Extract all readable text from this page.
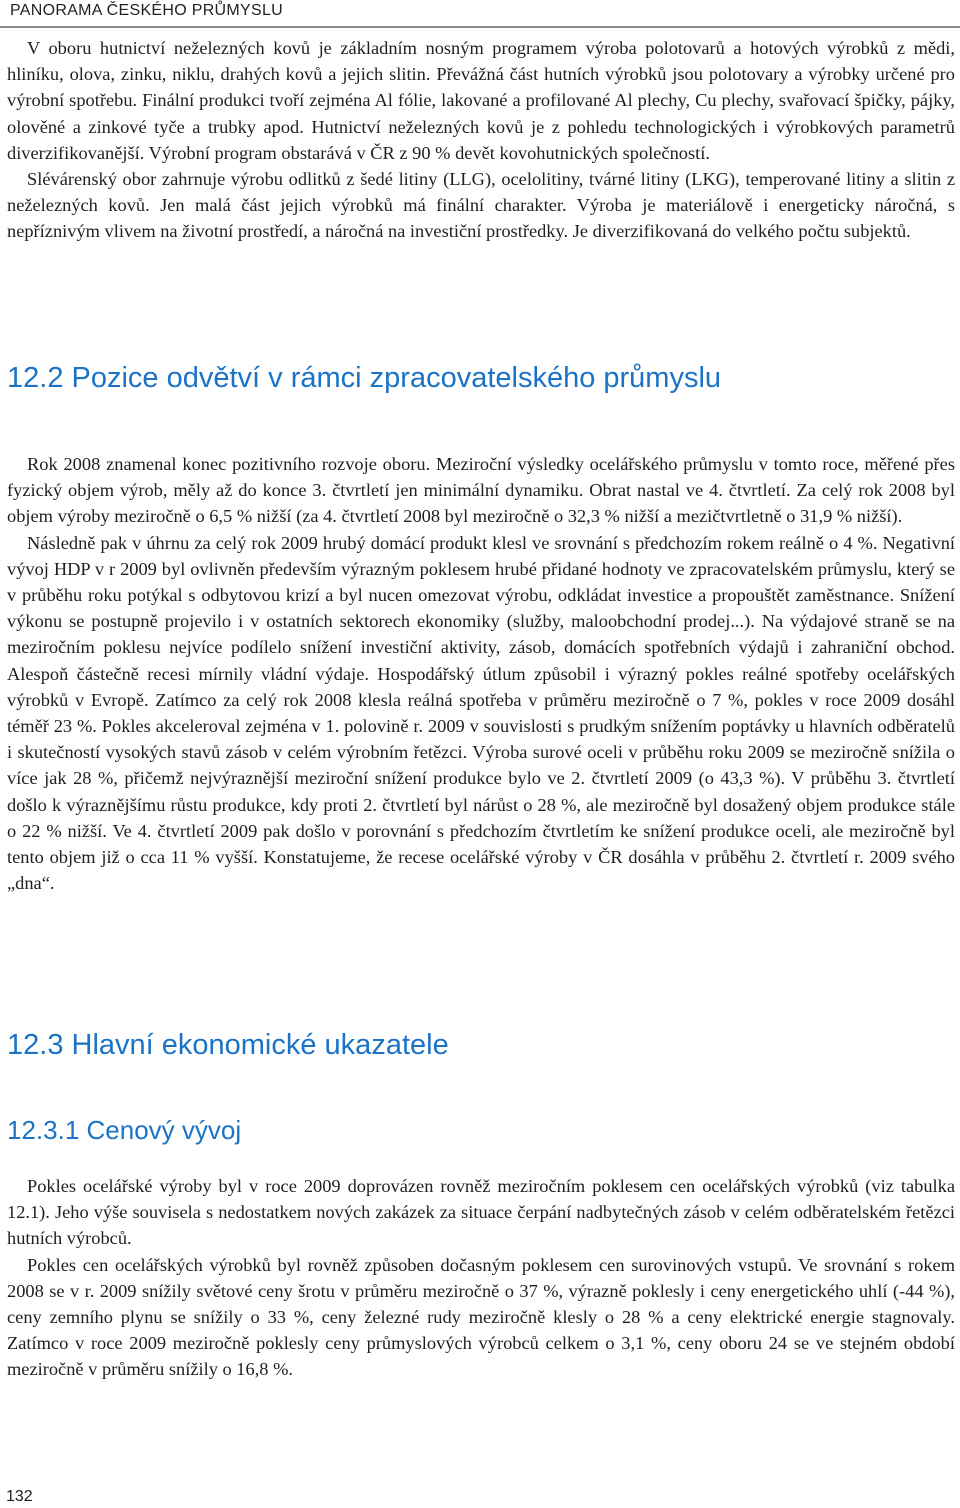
PANORAMA ČESKÉHO PRŮMYSLU

V oboru hutnictví neželezných kovů je základním nosným programem výroba polotovarů a hotových výrobků z mědi, hliníku, olova, zinku, niklu, drahých kovů a jejich slitin. Převážná část hutních výrobků jsou polotovary a výrobky určené pro výrobní spotřebu. Finální produkci tvoří zejména Al fólie, lakované a profilované Al plechy, Cu plechy, svařovací špičky, pájky, olověné a zinkové tyče a trubky apod. Hutnictví neželezných kovů je z pohledu technologických i výrobkových parametrů diverzifikovanější. Výrobní program obstarává v ČR z 90 % devět kovohutnických společností.

Slévárenský obor zahrnuje výrobu odlitků z šedé litiny (LLG), ocelolitiny, tvárné litiny (LKG), temperované litiny a slitin z neželezných kovů. Jen malá část jejich výrobků má finální charakter. Výroba je materiálově i energeticky náročná, s nepříznivým vlivem na životní prostředí, a náročná na investiční prostředky. Je diverzifikovaná do velkého počtu subjektů.

12.2 Pozice odvětví v rámci zpracovatelského průmyslu

Rok 2008 znamenal konec pozitivního rozvoje oboru. Meziroční výsledky ocelářského průmyslu v tomto roce, měřené přes fyzický objem výrob, měly až do konce 3. čtvrtletí jen minimální dynamiku. Obrat nastal ve 4. čtvrtletí. Za celý rok 2008 byl objem výroby meziročně o 6,5 % nižší (za 4. čtvrtletí 2008 byl meziročně o 32,3 % nižší a mezičtvrtletně o 31,9 % nižší).

Následně pak v úhrnu za celý rok 2009 hrubý domácí produkt klesl ve srovnání s předchozím rokem reálně o 4 %. Negativní vývoj HDP v r 2009 byl ovlivněn především výrazným poklesem hrubé přidané hodnoty ve zpracovatelském průmyslu, který se v průběhu roku potýkal s odbytovou krizí a byl nucen omezovat výrobu, odkládat investice a propouštět zaměstnance. Snížení výkonu se postupně projevilo i v ostatních sektorech ekonomiky (služby, maloobchodní prodej...). Na výdajové straně se na meziročním poklesu nejvíce podílelo snížení investiční aktivity, zásob, domácích spotřebních výdajů i zahraniční obchod. Alespoň částečně recesi mírnily vládní výdaje. Hospodářský útlum způsobil i výrazný pokles reálné spotřeby ocelářských výrobků v Evropě. Zatímco za celý rok 2008 klesla reálná spotřeba v průměru meziročně o 7 %, pokles v roce 2009 dosáhl téměř 23 %. Pokles akceleroval zejména v 1. polovině r. 2009 v souvislosti s prudkým snížením poptávky u hlavních odběratelů i skutečností vysokých stavů zásob v celém výrobním řetězci. Výroba surové oceli v průběhu roku 2009 se meziročně snížila o více jak 28 %, přičemž nejvýraznější meziroční snížení produkce bylo ve 2. čtvrtletí 2009 (o 43,3 %). V průběhu 3. čtvrtletí došlo k výraznějšímu růstu produkce, kdy proti 2. čtvrtletí byl nárůst o 28 %, ale meziročně byl dosažený objem produkce stále o 22 % nižší. Ve 4. čtvrtletí 2009 pak došlo v porovnání s předchozím čtvrtletím ke snížení produkce oceli, ale meziročně byl tento objem již o cca 11 % vyšší. Konstatujeme, že recese ocelářské výroby v ČR dosáhla v průběhu 2. čtvrtletí r. 2009 svého „dna“.

12.3 Hlavní ekonomické ukazatele
12.3.1 Cenový vývoj

Pokles ocelářské výroby byl v roce 2009 doprovázen rovněž meziročním poklesem cen ocelářských výrobků (viz tabulka 12.1). Jeho výše souvisela s nedostatkem nových zakázek za situace čerpání nadbytečných zásob v celém odběratelském řetězci hutních výrobců.

Pokles cen ocelářských výrobků byl rovněž způsoben dočasným poklesem cen surovinových vstupů. Ve srovnání s rokem 2008 se v r. 2009 snížily světové ceny šrotu v průměru meziročně o 37 %, výrazně poklesly i ceny energetického uhlí (-44 %), ceny zemního plynu se snížily o 33 %, ceny železné rudy meziročně klesly o 28 % a ceny elektrické energie stagnovaly. Zatímco v roce 2009 meziročně poklesly ceny průmyslových výrobců celkem o 3,1 %, ceny oboru 24 se ve stejném období meziročně v průměru snížily o 16,8 %.

132
